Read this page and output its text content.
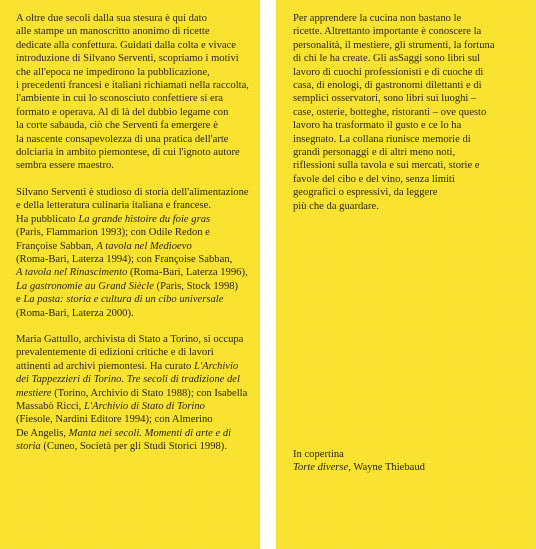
A oltre due secoli dalla sua stesura è qui dato
alle stampe un manoscritto anonimo di ricette
dedicate alla confettura. Guidati dalla colta e vivace
introduzione di Silvano Serventi, scopriamo i motivi
che all'epoca ne impedirono la pubblicazione,
i precedenti francesi e italiani richiamati nella raccolta,
l'ambiente in cui lo sconosciuto confettiere si era
formato e operava. Al di là del dubbio legame con
la corte sabauda, ciò che Serventi fa emergere è
la nascente consapevolezza di una pratica dell'arte
dolciaria in ambito piemontese, di cui l'ignoto autore
sembra essere maestro.

Silvano Serventi è studioso di storia dell'alimentazione
e della letteratura culinaria italiana e francese.
Ha pubblicato La grande histoire du foie gras
(Paris, Flammarion 1993); con Odile Redon e
Françoise Sabban, A tavola nel Medioevo
(Roma-Bari, Laterza 1994); con Françoise Sabban,
A tavola nel Rinascimento (Roma-Bari, Laterza 1996),
La gastronomie au Grand Siècle (Paris, Stock 1998)
e La pasta: storia e cultura di un cibo universale
(Roma-Bari, Laterza 2000).

Maria Gattullo, archivista di Stato a Torino, si occupa
prevalentemente di edizioni critiche e di lavori
attinenti ad archivi piemontesi. Ha curato L'Archivio
dei Tappezzieri di Torino. Tre secoli di tradizione del
mestiere (Torino, Archivio di Stato 1988); con Isabella
Massabò Ricci, L'Archivio di Stato di Torino
(Fiesole, Nardini Editore 1994); con Almerino
De Angelis, Manta nei secoli. Momenti di arte e di
storia (Cuneo, Società per gli Studi Storici 1998).

Per apprendere la cucina non bastano le
ricette. Altrettanto importante è conoscere la
personalità, il mestiere, gli strumenti, la fortuna
di chi le ha create. Gli asSaggi sono libri sul
lavoro di cuochi professionisti e di cuoche di
casa, di enologi, di gastronomi dilettanti e di
semplici osservatori, sono libri sui luoghi –
case, osterie, botteghe, ristoranti – ove questo
lavoro ha trasformato il gusto e ce lo ha
insegnato. La collana riunisce memorie di
grandi personaggi e di altri meno noti,
riflessioni sulla tavola e sui mercati, storie e
favole del cibo e del vino, senza limiti
geografici o espressivi, da leggere
più che da guardare.

In copertina
Torte diverse, Wayne Thiebaud
